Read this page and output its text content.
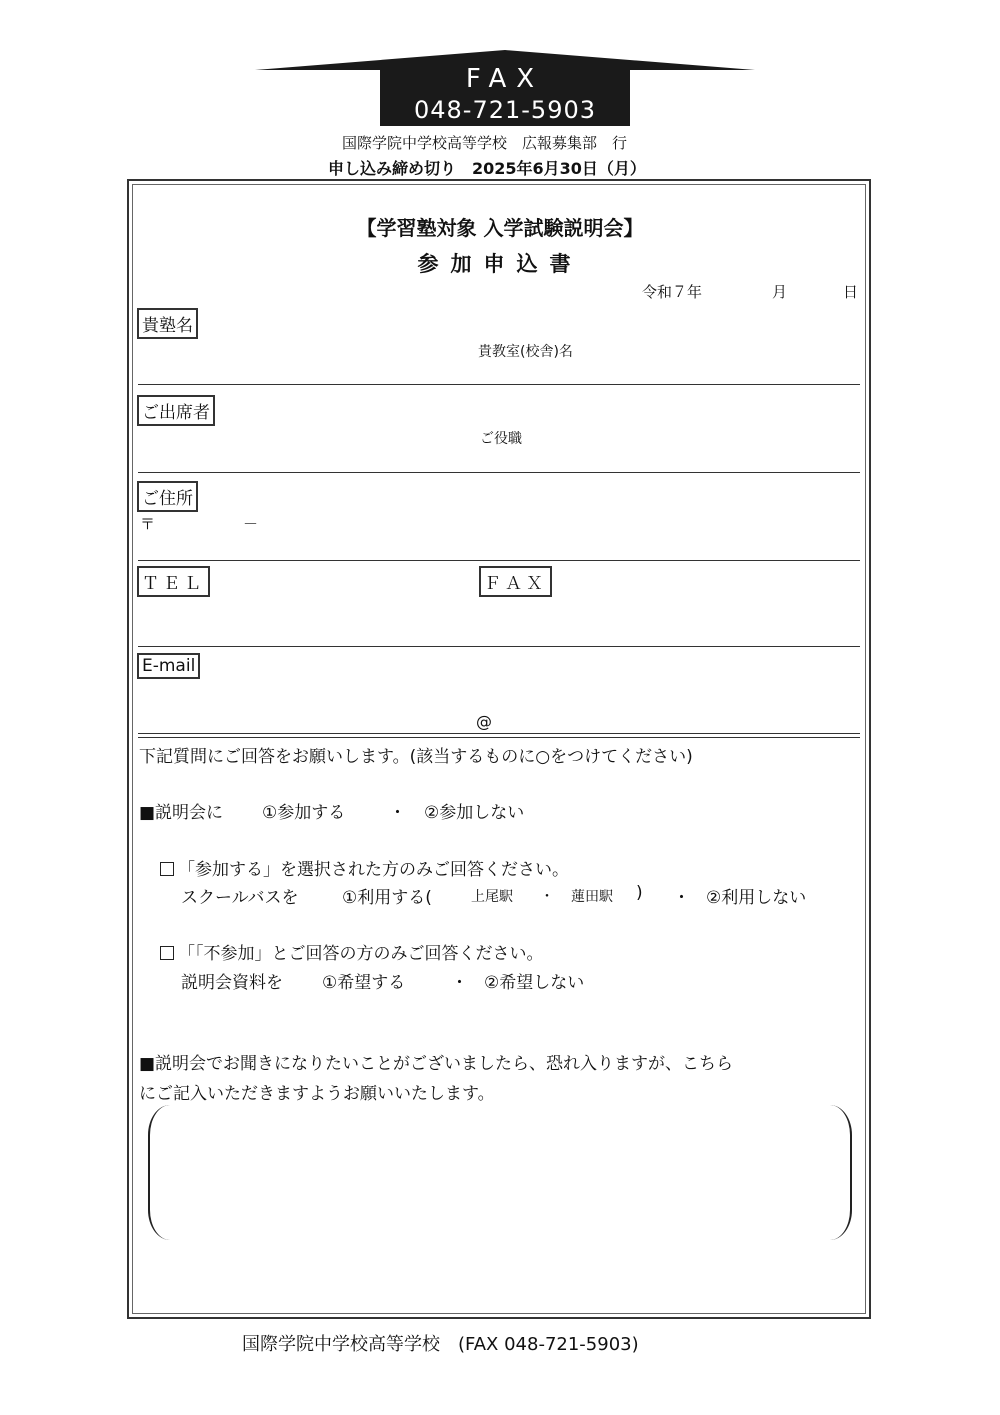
FAX
048-721-5903
国際学院中学校高等学校　広報募集部　行
申し込み締め切り　2025年6月30日（月）
【学習塾対象 入学試験説明会】
参加申込書
令和７年	月	日
貴塾名
貴教室(校舎)名
ご出席者
ご役職
ご住所
〒	－
ＴＥＬ	ＦＡＸ
E-mail
@
下記質問にご回答をお願いします。(該当するものに○をつけてください)
■説明会に ①参加する	・ ②参加しない
「参加する」を選択された方のみご回答ください。
スクールバスを	①利用する(	上尾駅 ・ 蓮田駅 ) ・ ②利用しない
「「不参加」とご回答の方のみご回答ください。
説明会資料を ①希望する	・ ②希望しない
■説明会でお聞きになりたいことがございましたら、恐れ入りますが、こちら
にご記入いただきますようお願いいたします。
国際学院中学校高等学校　(FAX 048-721-5903)
